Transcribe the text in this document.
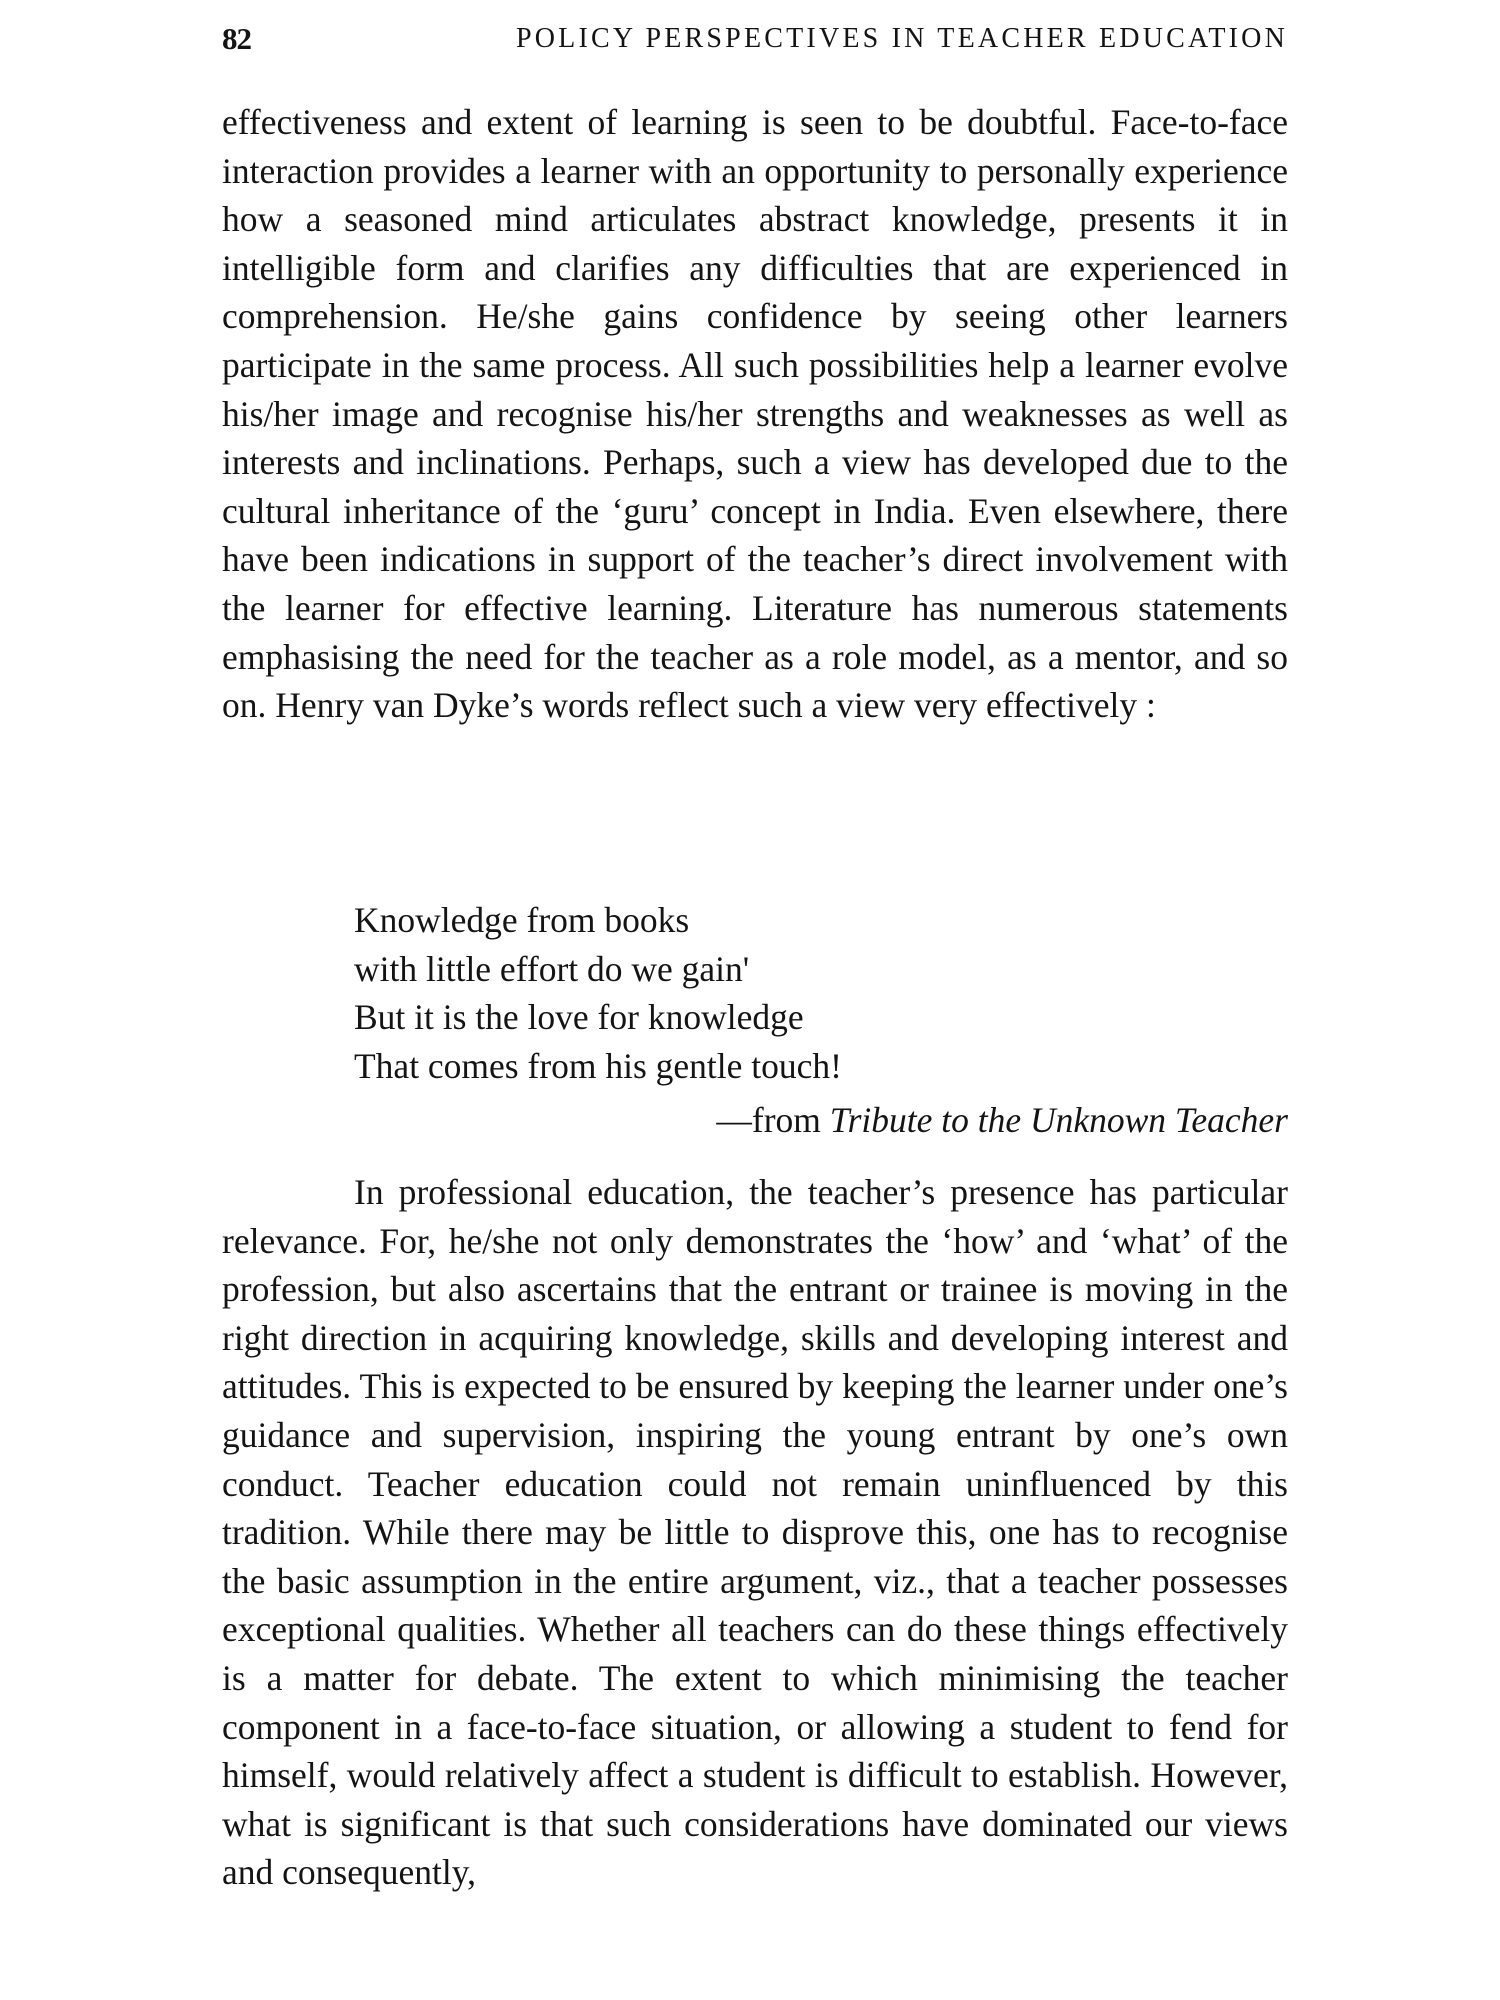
82	POLICY PERSPECTIVES IN TEACHER EDUCATION

effectiveness and extent of learning is seen to be doubtful. Face-to-face interaction provides a learner with an opportunity to personally experience how a seasoned mind articulates abstract knowledge, presents it in intelligible form and clarifies any difficulties that are experienced in comprehension. He/she gains confidence by seeing other learners participate in the same process. All such possibilities help a learner evolve his/her image and recognise his/her strengths and weaknesses as well as interests and inclinations. Perhaps, such a view has developed due to the cultural inheritance of the ‘guru’ concept in India. Even elsewhere, there have been indications in support of the teacher’s direct involvement with the learner for effective learning. Literature has numerous statements emphasising the need for the teacher as a role model, as a mentor, and so on. Henry van Dyke’s words reflect such a view very effectively :

Knowledge from books
with little effort do we gain'
But it is the love for knowledge
That comes from his gentle touch!
—from Tribute to the Unknown Teacher

In professional education, the teacher’s presence has particular relevance. For, he/she not only demonstrates the ‘how’ and ‘what’ of the profession, but also ascertains that the entrant or trainee is moving in the right direction in acquiring knowledge, skills and developing interest and attitudes. This is expected to be ensured by keeping the learner under one’s guidance and supervision, inspiring the young entrant by one’s own conduct. Teacher education could not remain uninfluenced by this tradition. While there may be little to disprove this, one has to recognise the basic assumption in the entire argument, viz., that a teacher possesses exceptional qualities. Whether all teachers can do these things effectively is a matter for debate. The extent to which minimising the teacher component in a face-to-face situation, or allowing a student to fend for himself, would relatively affect a student is difficult to establish. However, what is significant is that such considerations have dominated our views and consequently,
